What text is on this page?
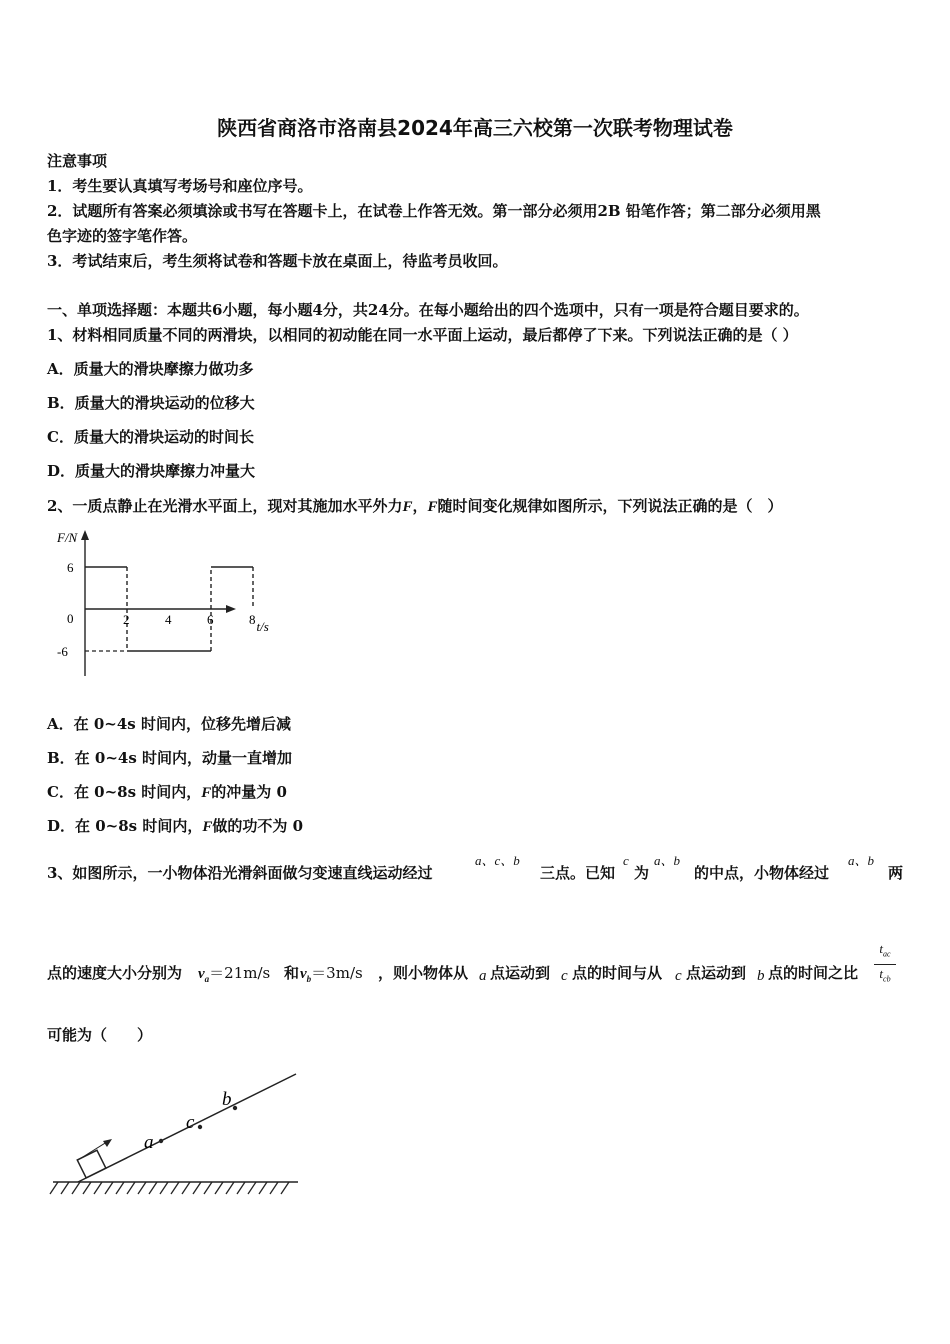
陕西省商洛市洛南县2024年高三六校第一次联考物理试卷
注意事项
1．考生要认真填写考场号和座位序号。
2．试题所有答案必须填涂或书写在答题卡上，在试卷上作答无效。第一部分必须用2B 铅笔作答；第二部分必须用黑
色字迹的签字笔作答。
3．考试结束后，考生须将试卷和答题卡放在桌面上，待监考员收回。
一、单项选择题：本题共6小题，每小题4分，共24分。在每小题给出的四个选项中，只有一项是符合题目要求的。
1、材料相同质量不同的两滑块，以相同的初动能在同一水平面上运动，最后都停了下来。下列说法正确的是（ ）
A．质量大的滑块摩擦力做功多
B．质量大的滑块运动的位移大
C．质量大的滑块运动的时间长
D．质量大的滑块摩擦力冲量大
2、一质点静止在光滑水平面上，现对其施加水平外力F，F随时间变化规律如图所示，下列说法正确的是（　）
2	4	6	8
6
0
-6
F/N
t/s
A．在 0~4s 时间内，位移先增后减
B．在 0~4s 时间内，动量一直增加
C．在 0~8s 时间内，F的冲量为 0
D．在 0~8s 时间内，F做的功不为 0
3、如图所示，一小物体沿光滑斜面做匀变速直线运动经过
a、c、b
三点。已知
c
为
a、b
的中点，小物体经过
a、b
两
点的速度大小分别为 $v_a=21m/s$ 和 $v_b=3m/s$ ，则小物体从 a 点运动到 c 点的时间与从 c 点运动到 b 点的时间之比
$t_{ac}$
$t_{cb}$
可能为（　　）
a
c
b
